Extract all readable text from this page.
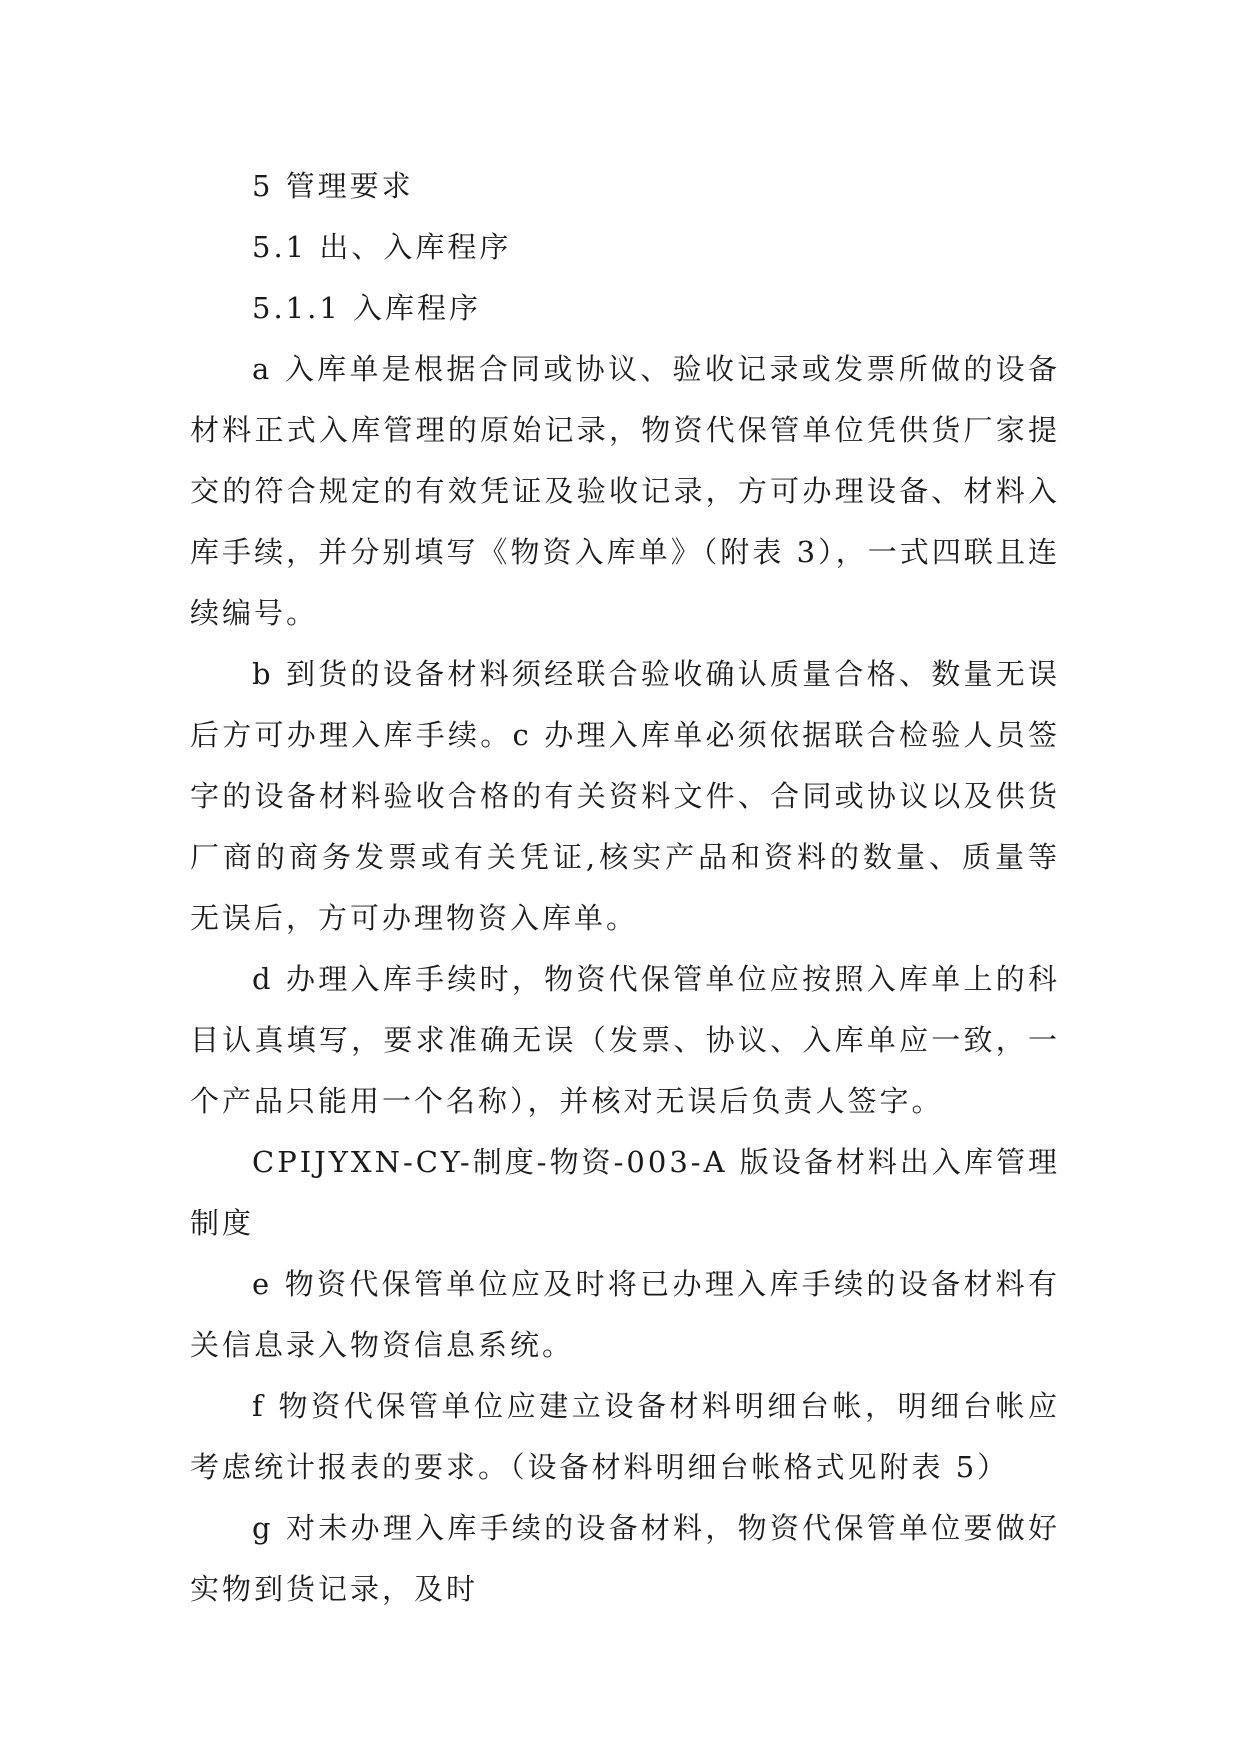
5 管理要求

5.1 出、入库程序

5.1.1 入库程序

a 入库单是根据合同或协议、验收记录或发票所做的设备材料正式入库管理的原始记录，物资代保管单位凭供货厂家提交的符合规定的有效凭证及验收记录，方可办理设备、材料入库手续，并分别填写《物资入库单》（附表 3），一式四联且连续编号。

b 到货的设备材料须经联合验收确认质量合格、数量无误后方可办理入库手续。c 办理入库单必须依据联合检验人员签字的设备材料验收合格的有关资料文件、合同或协议以及供货厂商的商务发票或有关凭证,核实产品和资料的数量、质量等无误后，方可办理物资入库单。

d 办理入库手续时，物资代保管单位应按照入库单上的科目认真填写，要求准确无误（发票、协议、入库单应一致，一个产品只能用一个名称），并核对无误后负责人签字。

CPIJYXN-CY-制度-物资-003-A 版设备材料出入库管理制度

e 物资代保管单位应及时将已办理入库手续的设备材料有关信息录入物资信息系统。

f 物资代保管单位应建立设备材料明细台帐，明细台帐应考虑统计报表的要求。（设备材料明细台帐格式见附表 5）

g 对未办理入库手续的设备材料，物资代保管单位要做好实物到货记录，及时
